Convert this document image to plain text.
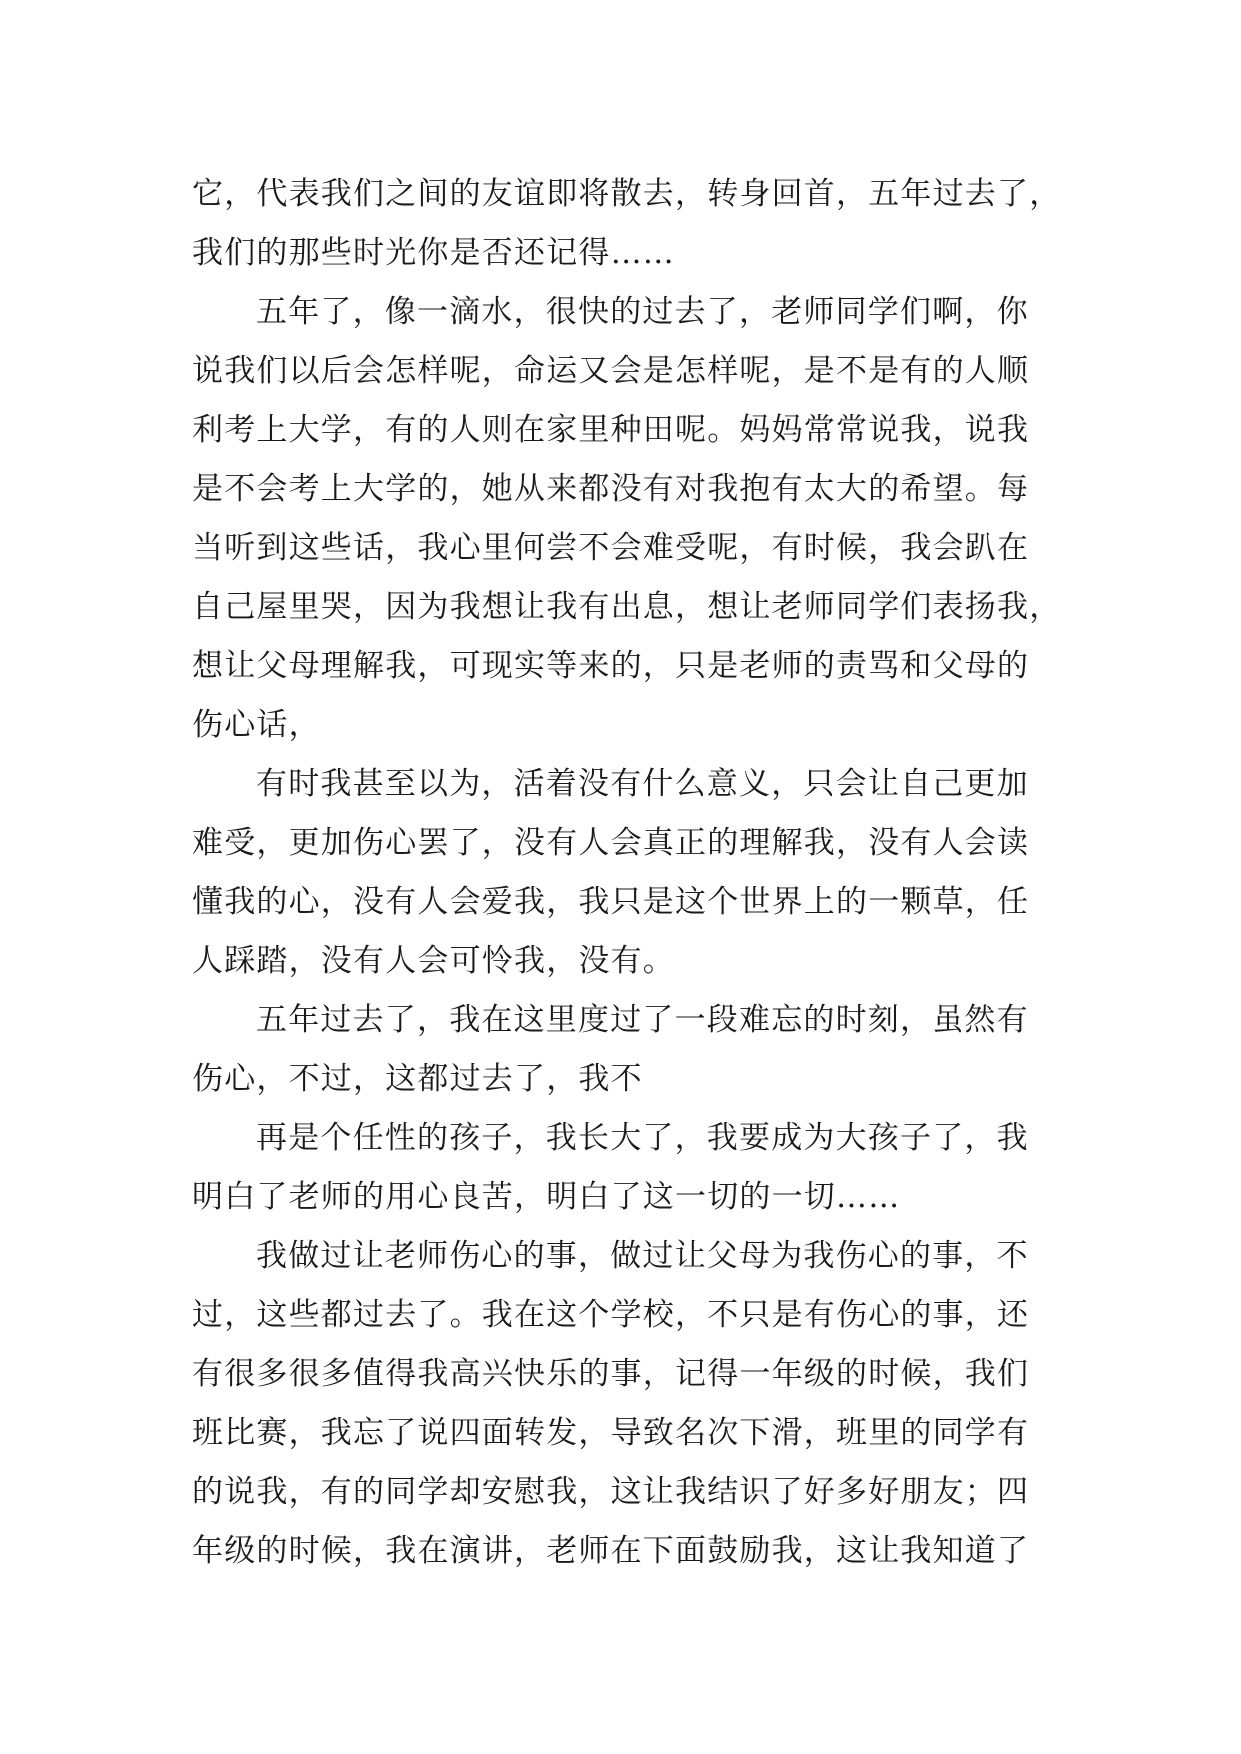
它，代表我们之间的友谊即将散去，转身回首，五年过去了，
我们的那些时光你是否还记得……
五年了，像一滴水，很快的过去了，老师同学们啊，你
说我们以后会怎样呢，命运又会是怎样呢，是不是有的人顺
利考上大学，有的人则在家里种田呢。妈妈常常说我，说我
是不会考上大学的，她从来都没有对我抱有太大的希望。每
当听到这些话，我心里何尝不会难受呢，有时候，我会趴在
自己屋里哭，因为我想让我有出息，想让老师同学们表扬我，
想让父母理解我，可现实等来的，只是老师的责骂和父母的
伤心话，
有时我甚至以为，活着没有什么意义，只会让自己更加
难受，更加伤心罢了，没有人会真正的理解我，没有人会读
懂我的心，没有人会爱我，我只是这个世界上的一颗草，任
人踩踏，没有人会可怜我，没有。
五年过去了，我在这里度过了一段难忘的时刻，虽然有
伤心，不过，这都过去了，我不
再是个任性的孩子，我长大了，我要成为大孩子了，我
明白了老师的用心良苦，明白了这一切的一切……
我做过让老师伤心的事，做过让父母为我伤心的事，不
过，这些都过去了。我在这个学校，不只是有伤心的事，还
有很多很多值得我高兴快乐的事，记得一年级的时候，我们
班比赛，我忘了说四面转发，导致名次下滑，班里的同学有
的说我，有的同学却安慰我，这让我结识了好多好朋友；四
年级的时候，我在演讲，老师在下面鼓励我，这让我知道了
